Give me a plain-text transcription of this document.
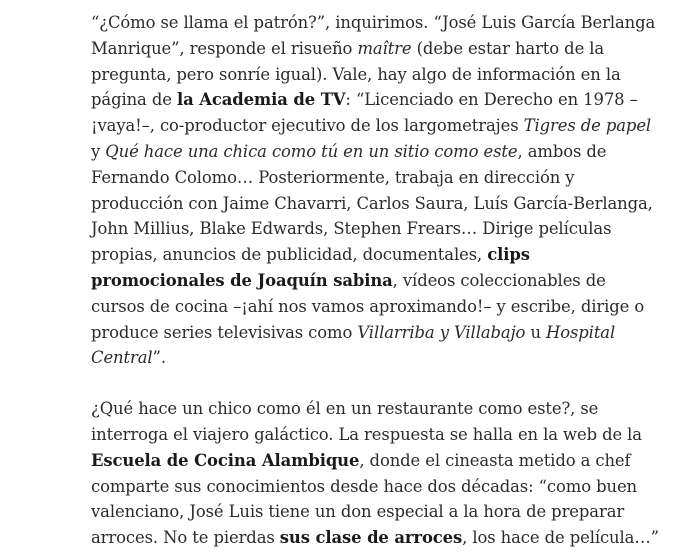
“¿Cómo se llama el patrón?”, inquirimos. “José Luis García Berlanga Manrique”, responde el risueño maître (debe estar harto de la pregunta, pero sonríe igual). Vale, hay algo de información en la página de la Academia de TV: “Licenciado en Derecho en 1978 –¡vaya!–, co-productor ejecutivo de los largometrajes Tigres de papel y Qué hace una chica como tú en un sitio como este, ambos de Fernando Colomo… Posteriormente, trabaja en dirección y producción con Jaime Chavarri, Carlos Saura, Luís García-Berlanga, John Millius, Blake Edwards, Stephen Frears… Dirige películas propias, anuncios de publicidad, documentales, clips promocionales de Joaquín sabina, vídeos coleccionables de cursos de cocina –¡ahí nos vamos aproximando!– y escribe, dirige o produce series televisivas como Villarriba y Villabajo u Hospital Central”.

¿Qué hace un chico como él en un restaurante como este?, se interroga el viajero galáctico. La respuesta se halla en la web de la Escuela de Cocina Alambique, donde el cineasta metido a chef comparte sus conocimientos desde hace dos décadas: “como buen valenciano, José Luis tiene un don especial a la hora de preparar arroces. No te pierdas sus clase de arroces, los hace de película…”
